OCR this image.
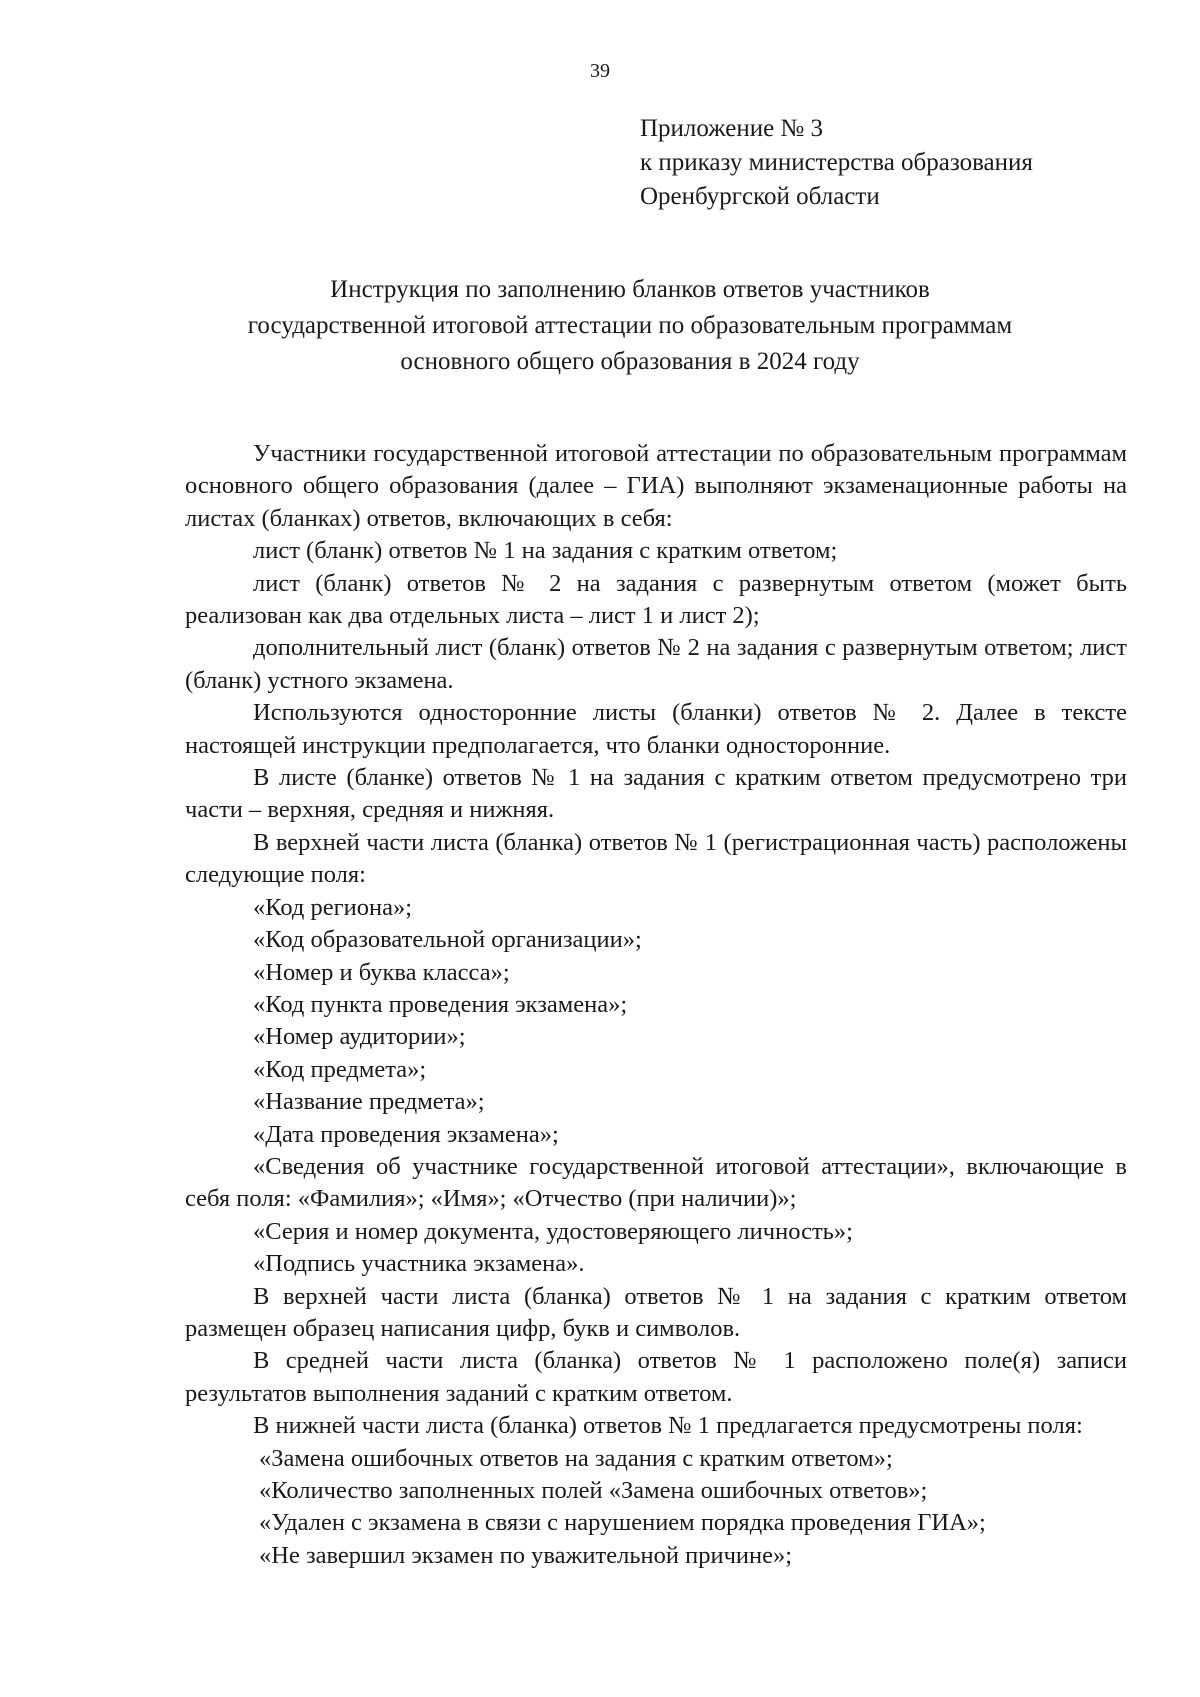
39
Приложение № 3
к приказу министерства образования
Оренбургской области
Инструкция по заполнению бланков ответов участников
государственной итоговой аттестации по образовательным программам
основного общего образования в 2024 году

Участники государственной итоговой аттестации по образовательным программам основного общего образования (далее – ГИА) выполняют экзаменационные работы на листах (бланках) ответов, включающих в себя:

лист (бланк) ответов № 1 на задания с кратким ответом;

лист (бланк) ответов № 2 на задания с развернутым ответом (может быть реализован как два отдельных листа – лист 1 и лист 2);

дополнительный лист (бланк) ответов № 2 на задания с развернутым ответом; лист (бланк) устного экзамена.

Используются односторонние листы (бланки) ответов № 2. Далее в тексте настоящей инструкции предполагается, что бланки односторонние.

В листе (бланке) ответов № 1 на задания с кратким ответом предусмотрено три части – верхняя, средняя и нижняя.

В верхней части листа (бланка) ответов № 1 (регистрационная часть) расположены следующие поля:

«Код региона»;

«Код образовательной организации»;

«Номер и буква класса»;

«Код пункта проведения экзамена»;

«Номер аудитории»;

«Код предмета»;

«Название предмета»;

«Дата проведения экзамена»;

«Сведения об участнике государственной итоговой аттестации», включающие в себя поля: «Фамилия»; «Имя»; «Отчество (при наличии)»;

«Серия и номер документа, удостоверяющего личность»;

«Подпись участника экзамена».

В верхней части листа (бланка) ответов № 1 на задания с кратким ответом размещен образец написания цифр, букв и символов.

В средней части листа (бланка) ответов № 1 расположено поле(я) записи результатов выполнения заданий с кратким ответом.

В нижней части листа (бланка) ответов № 1 предлагается предусмотрены поля:

«Замена ошибочных ответов на задания с кратким ответом»;

«Количество заполненных полей «Замена ошибочных ответов»;

«Удален с экзамена в связи с нарушением порядка проведения ГИА»;

«Не завершил экзамен по уважительной причине»;
